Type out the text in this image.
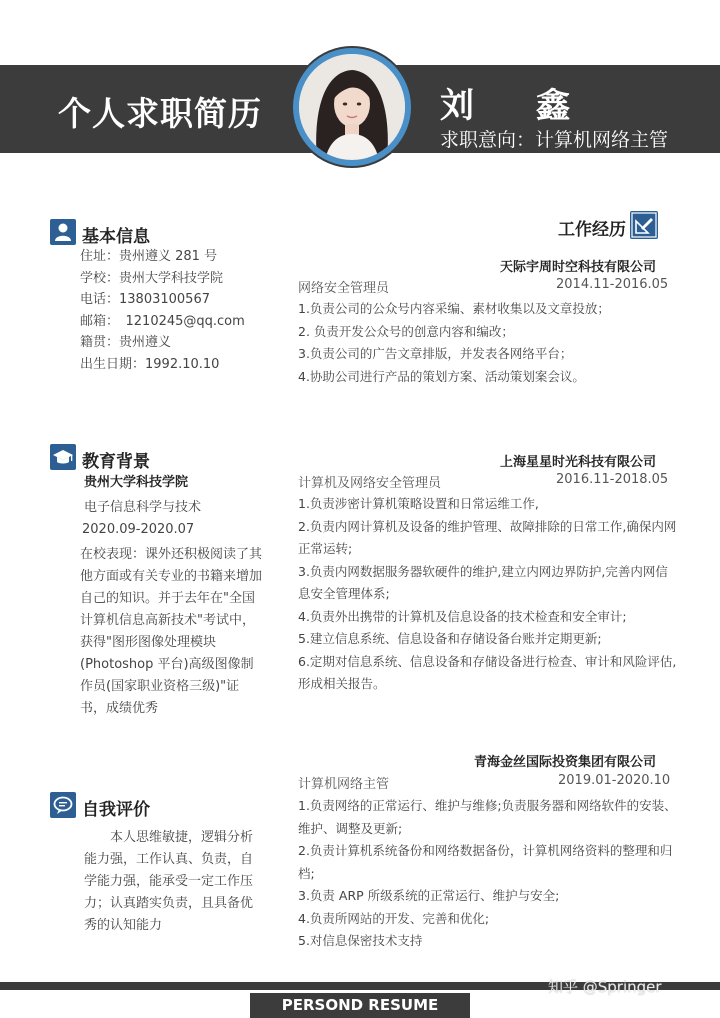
个人求职简历	刘　鑫
求职意向：计算机网络主管
基本信息
住址：贵州遵义 281 号
学校：贵州大学科技学院
电话：13803100567
邮箱：　1210245@qq.com
籍贯：贵州遵义
出生日期：1992.10.10
教育背景
贵州大学科技学院
电子信息科学与技术
2020.09-2020.07
在校表现：课外还积极阅读了其他方面或有关专业的书籍来增加自己的知识。并于去年在"全国计算机信息高新技术"考试中，获得"图形图像处理模块(Photoshop 平台)高级图像制作员(国家职业资格三级)"证书，成绩优秀
自我评价
本人思维敏捷，逻辑分析能力强，工作认真、负责，自学能力强，能承受一定工作压力；认真踏实负责，且具备优秀的认知能力
工作经历
天际宇周时空科技有限公司
网络安全管理员	2014.11-2016.05
1.负责公司的公众号内容采编、素材收集以及文章投放；
2. 负责开发公众号的创意内容和编改；
3.负责公司的广告文章排版，并发表各网络平台；
4.协助公司进行产品的策划方案、活动策划案会议。
上海星星时光科技有限公司
计算机及网络安全管理员	2016.11-2018.05
1.负责涉密计算机策略设置和日常运维工作,
2.负责内网计算机及设备的维护管理、故障排除的日常工作,确保内网正常运转;
3.负责内网数据服务器软硬件的维护,建立内网边界防护,完善内网信息安全管理体系;
4.负责外出携带的计算机及信息设备的技术检查和安全审计;
5.建立信息系统、信息设备和存储设备台账并定期更新;
6.定期对信息系统、信息设备和存储设备进行检查、审计和风险评估,形成相关报告。
青海金丝国际投资集团有限公司
计算机网络主管	2019.01-2020.10
1.负责网络的正常运行、维护与维修;负责服务器和网络软件的安装、维护、调整及更新;
2.负责计算机系统备份和网络数据备份，计算机网络资料的整理和归档;
3.负责 ARP 所级系统的正常运行、维护与安全;
4.负责所网站的开发、完善和优化;
5.对信息保密技术支持
PERSOND RESUME
知乎 @Springer
